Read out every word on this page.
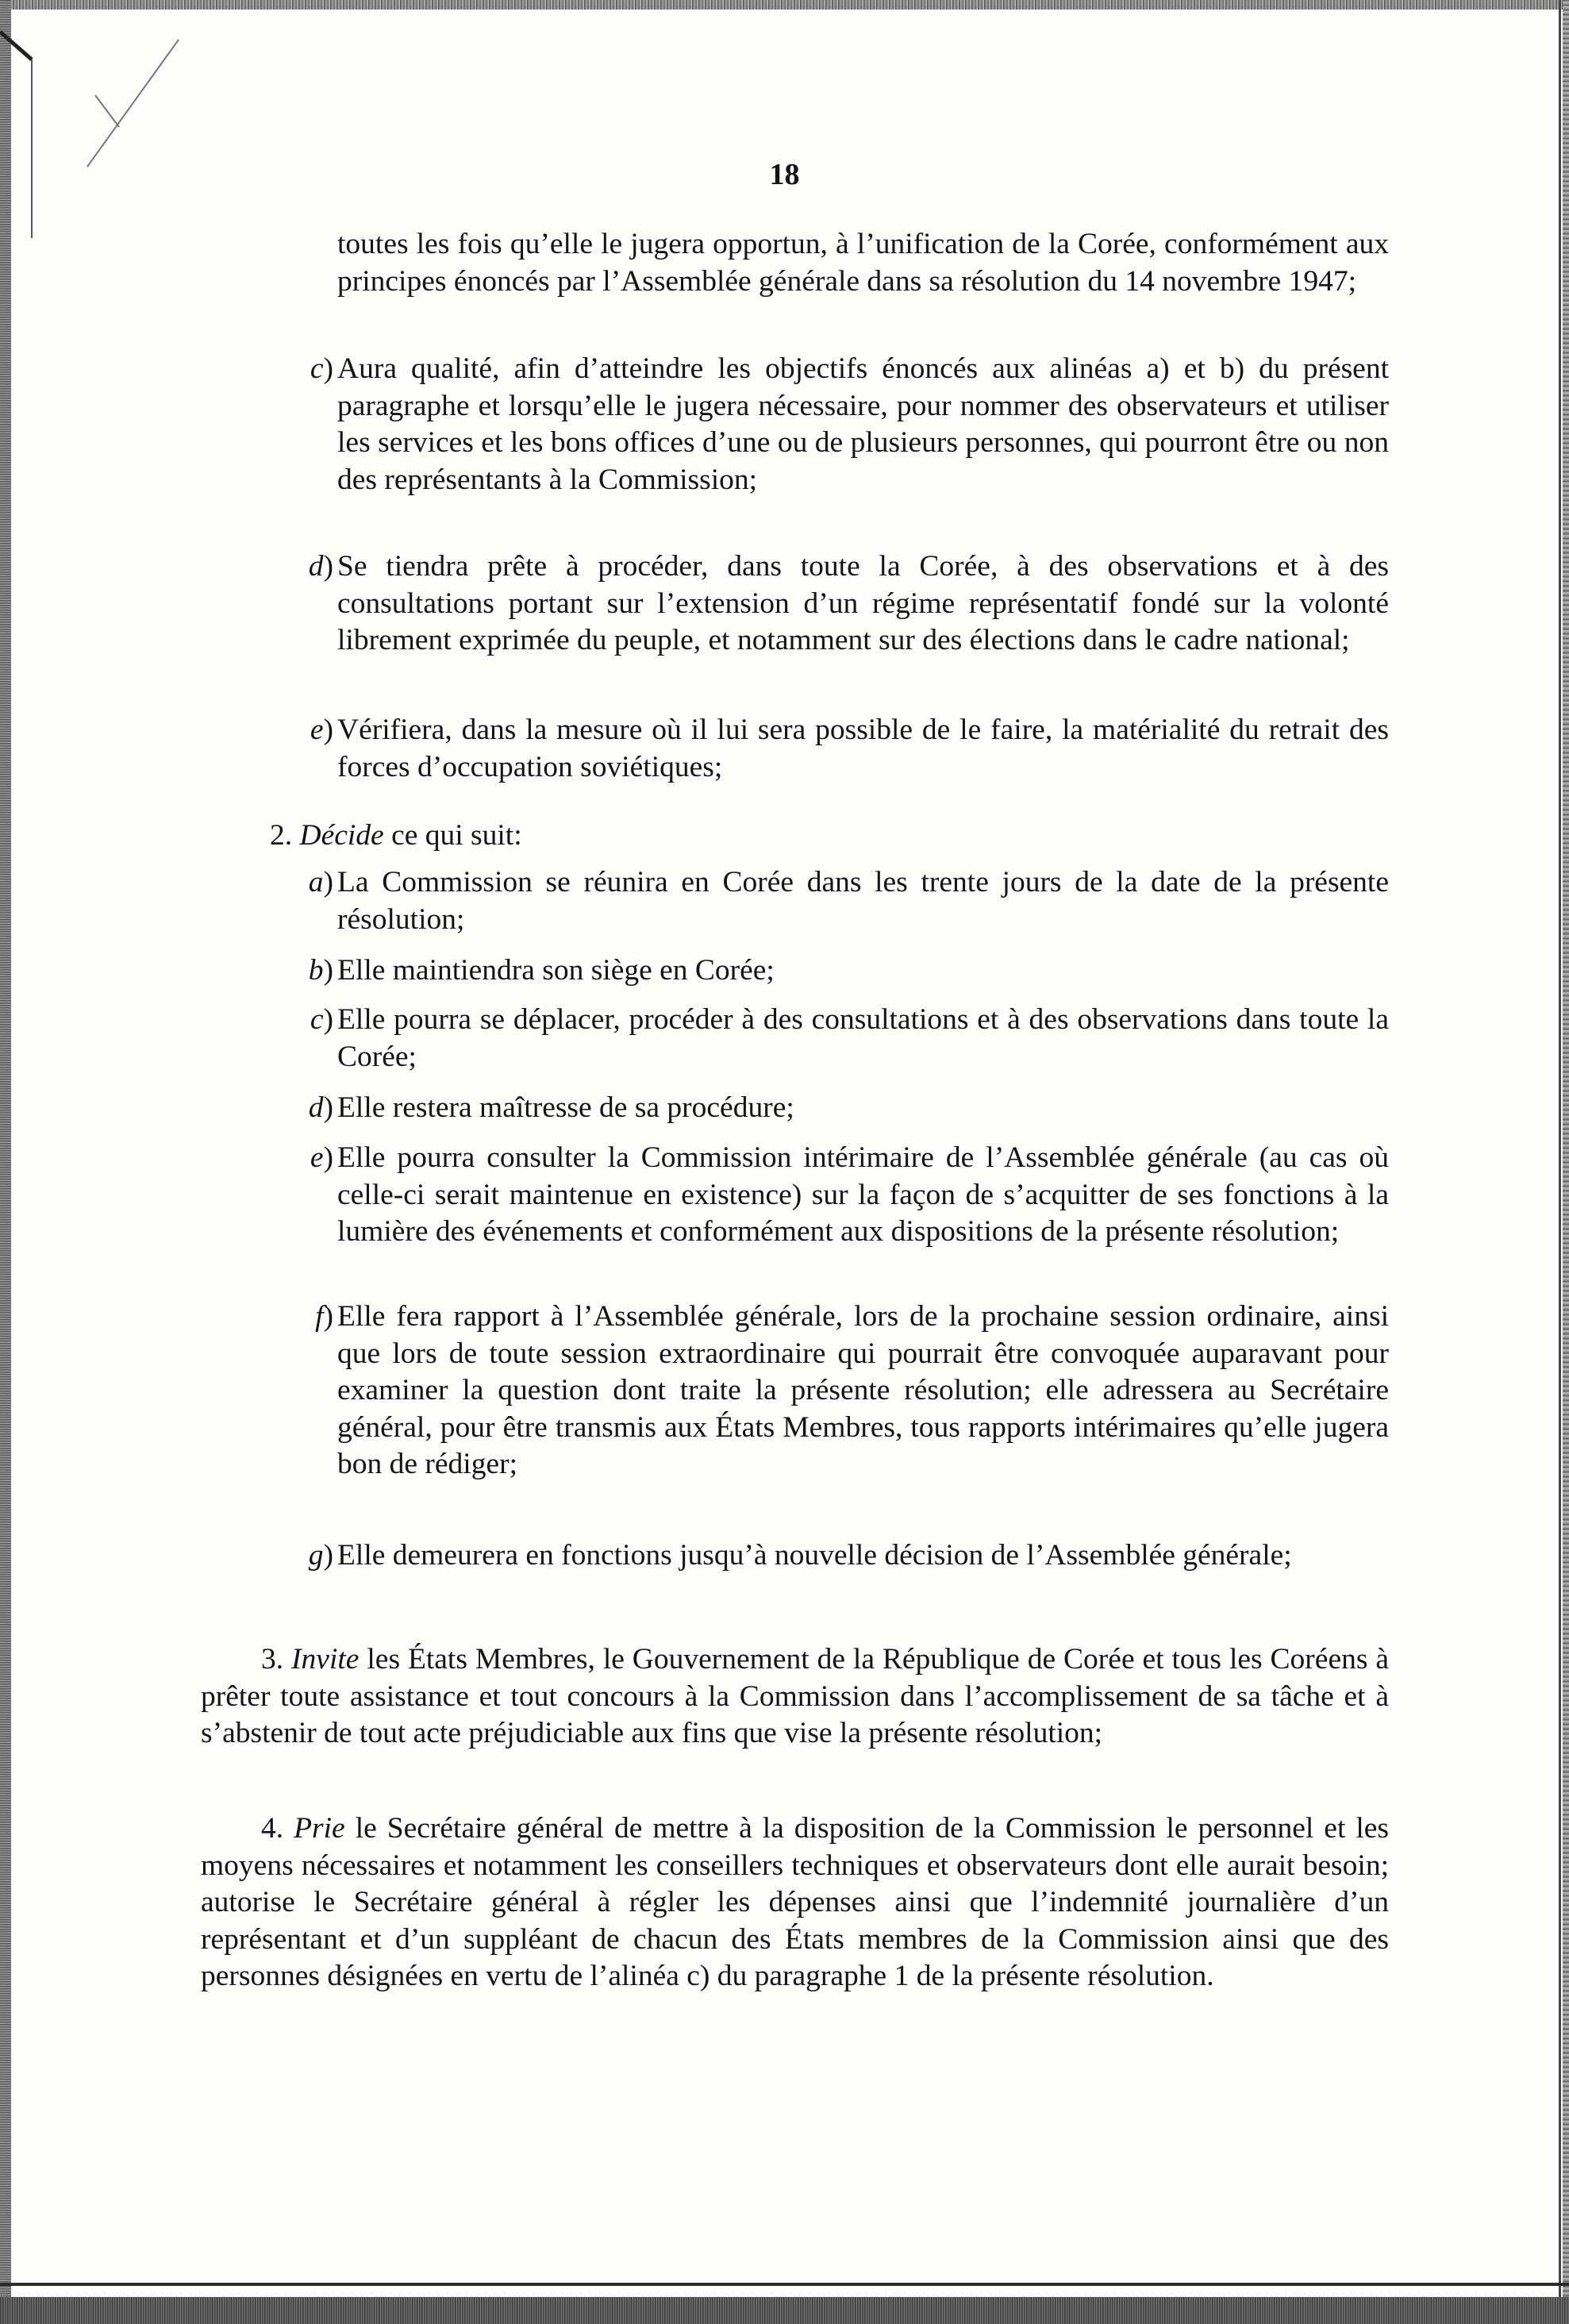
18

toutes les fois qu’elle le jugera opportun, à l’unification de la Corée, conformément aux principes énoncés par l’Assemblée générale dans sa résolution du 14 novembre 1947;

c) Aura qualité, afin d’atteindre les objectifs énoncés aux alinéas a) et b) du présent paragraphe et lorsqu’elle le jugera nécessaire, pour nommer des observateurs et utiliser les services et les bons offices d’une ou de plusieurs personnes, qui pourront être ou non des représentants à la Commission;
d) Se tiendra prête à procéder, dans toute la Corée, à des observations et à des consultations portant sur l’extension d’un régime représentatif fondé sur la volonté librement exprimée du peuple, et notamment sur des élections dans le cadre national;
e) Vérifiera, dans la mesure où il lui sera possible de le faire, la matérialité du retrait des forces d’occupation soviétiques;
2. Décide ce qui suit:
a) La Commission se réunira en Corée dans les trente jours de la date de la présente résolution;
b) Elle maintiendra son siège en Corée;
c) Elle pourra se déplacer, procéder à des consultations et à des observations dans toute la Corée;
d) Elle restera maîtresse de sa procédure;
e) Elle pourra consulter la Commission intérimaire de l’Assemblée générale (au cas où celle-ci serait maintenue en existence) sur la façon de s’acquitter de ses fonctions à la lumière des événements et conformément aux dispositions de la présente résolution;
f) Elle fera rapport à l’Assemblée générale, lors de la prochaine session ordinaire, ainsi que lors de toute session extraordinaire qui pourrait être convoquée auparavant pour examiner la question dont traite la présente résolution; elle adressera au Secrétaire général, pour être transmis aux États Membres, tous rapports intérimaires qu’elle jugera bon de rédiger;
g) Elle demeurera en fonctions jusqu’à nouvelle décision de l’Assemblée générale;

3. Invite les États Membres, le Gouvernement de la République de Corée et tous les Coréens à prêter toute assistance et tout concours à la Commission dans l’accomplissement de sa tâche et à s’abstenir de tout acte préjudiciable aux fins que vise la présente résolution;

4. Prie le Secrétaire général de mettre à la disposition de la Commission le personnel et les moyens nécessaires et notamment les conseillers techniques et observateurs dont elle aurait besoin; autorise le Secrétaire général à régler les dépenses ainsi que l’indemnité journalière d’un représentant et d’un suppléant de chacun des États membres de la Commission ainsi que des personnes désignées en vertu de l’alinéa c) du paragraphe 1 de la présente résolution.
